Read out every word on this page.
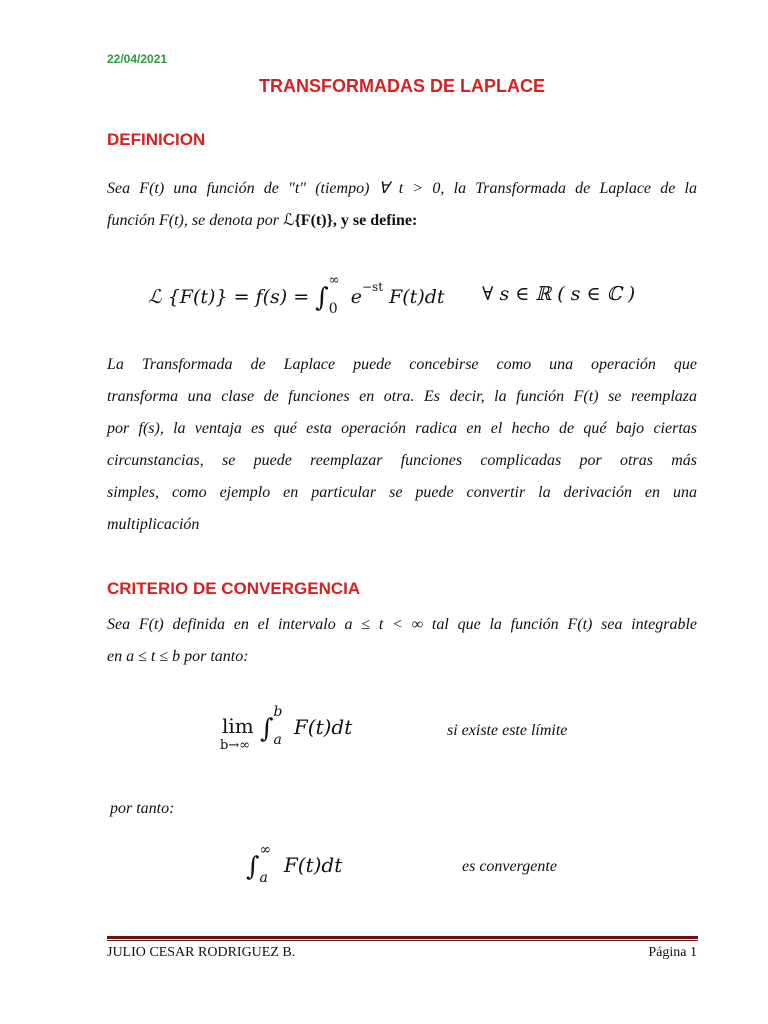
22/04/2021
TRANSFORMADAS DE LAPLACE
DEFINICION
Sea F(t) una función de "t" (tiempo) ∀ t > 0, la Transformada de Laplace de la
función F(t), se denota por ℒ{F(t)}, y se define:
ℒ {F(t)} = f(s) = ∫
∞
0
$e^{-st}$ F(t)dt ∀ s ∈ ℝ ( s ∈ ℂ )
La Transformada de Laplace puede concebirse como una operación que
transforma una clase de funciones en otra. Es decir, la función F(t) se reemplaza
por f(s), la ventaja es qué esta operación radica en el hecho de qué bajo ciertas
circunstancias, se puede reemplazar funciones complicadas por otras más
simples, como ejemplo en particular se puede convertir la derivación en una
multiplicación
CRITERIO DE CONVERGENCIA
Sea F(t) definida en el intervalo a ≤ t < ∞ tal que la función F(t) sea integrable
en a ≤ t ≤ b por tanto:
lim
b→∞
∫
b
a
F(t)dt	si existe este límite
por tanto:
∫
∞
a
F(t)dt	es convergente
JULIO CESAR RODRIGUEZ B.	Página 1
